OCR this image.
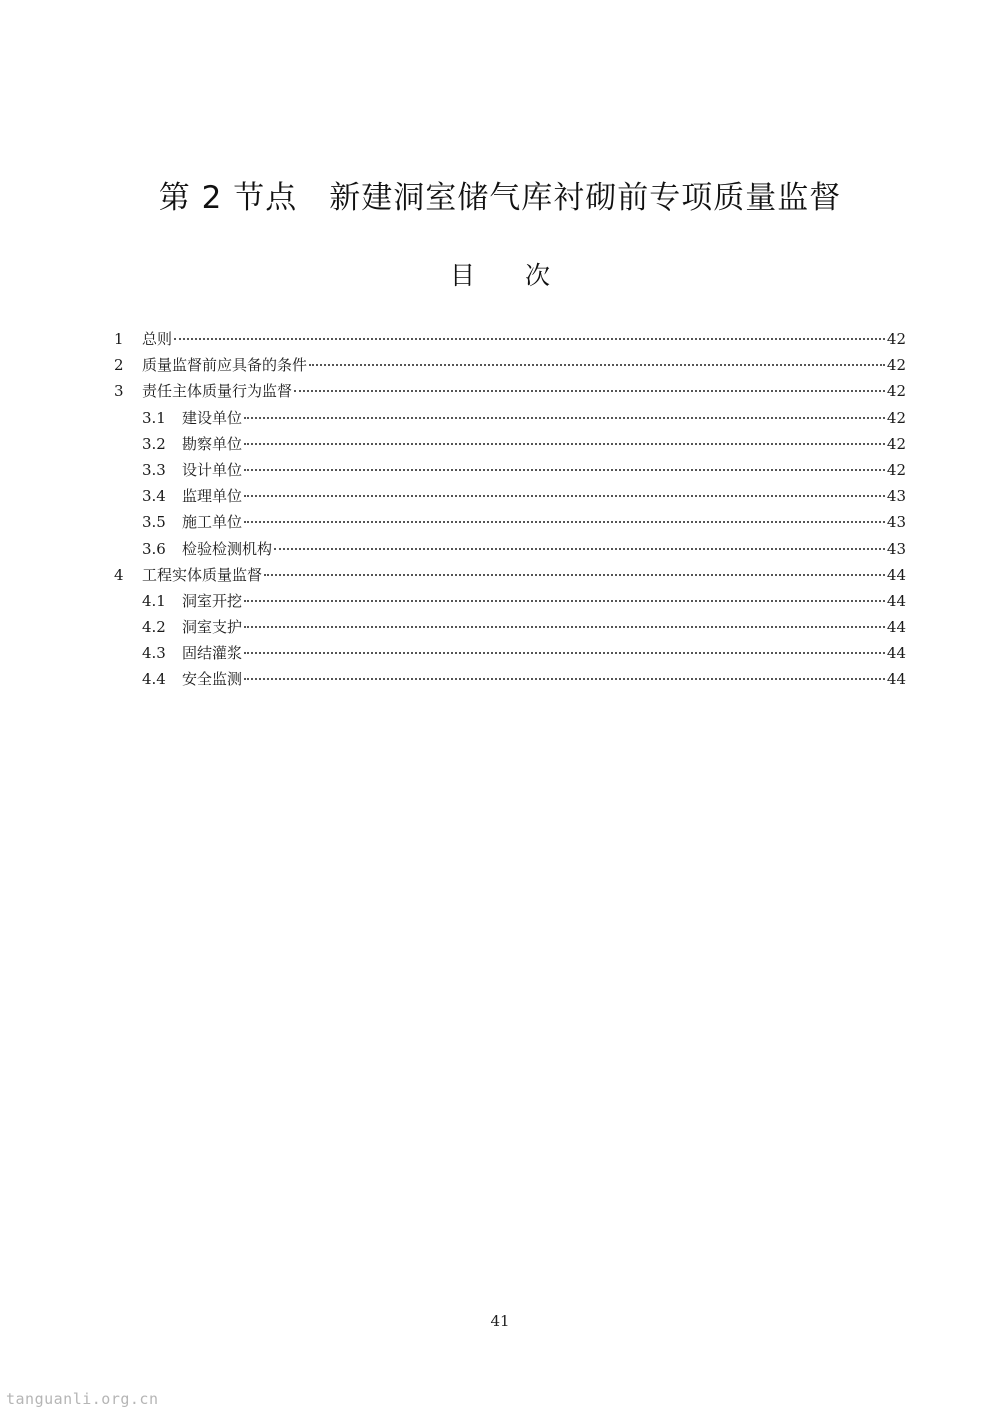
第 2 节点　新建洞室储气库衬砌前专项质量监督
目　　次
1	总则	42
2	质量监督前应具备的条件	42
3	责任主体质量行为监督	42
3.1	建设单位	42
3.2	勘察单位	42
3.3	设计单位	42
3.4	监理单位	43
3.5	施工单位	43
3.6	检验检测机构	43
4	工程实体质量监督	44
4.1	洞室开挖	44
4.2	洞室支护	44
4.3	固结灌浆	44
4.4	安全监测	44
41
tanguanli.org.cn
